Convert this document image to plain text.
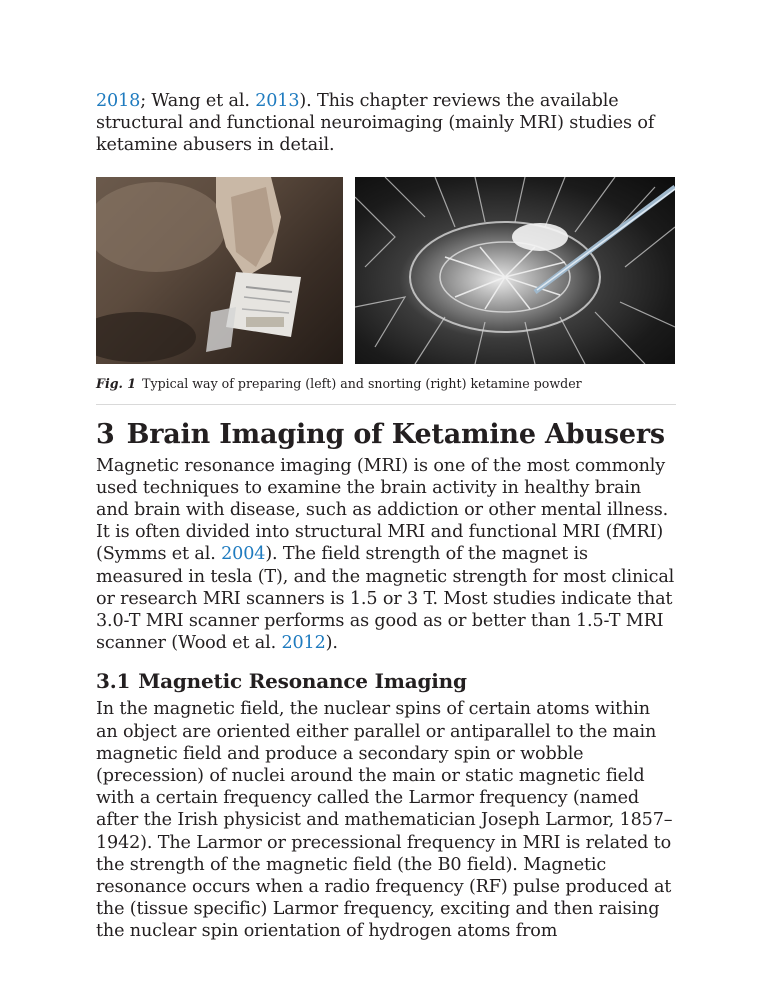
2018; Wang et al. 2013). This chapter reviews the available structural and functional neuroimaging (mainly MRI) studies of ketamine abusers in detail.

Fig. 1 Typical way of preparing (left) and snorting (right) ketamine powder
3 Brain Imaging of Ketamine Abusers

Magnetic resonance imaging (MRI) is one of the most commonly used techniques to examine the brain activity in healthy brain and brain with disease, such as addiction or other mental illness. It is often divided into structural MRI and functional MRI (fMRI) (Symms et al. 2004). The field strength of the magnet is measured in tesla (T), and the magnetic strength for most clinical or research MRI scanners is 1.5 or 3 T. Most studies indicate that 3.0-T MRI scanner performs as good as or better than 1.5-T MRI scanner (Wood et al. 2012).

3.1 Magnetic Resonance Imaging

In the magnetic field, the nuclear spins of certain atoms within an object are oriented either parallel or antiparallel to the main magnetic field and produce a secondary spin or wobble (precession) of nuclei around the main or static magnetic field with a certain frequency called the Larmor frequency (named after the Irish physicist and mathematician Joseph Larmor, 1857–1942). The Larmor or precessional frequency in MRI is related to the strength of the magnetic field (the B0 field). Magnetic resonance occurs when a radio frequency (RF) pulse produced at the (tissue specific) Larmor frequency, exciting and then raising the nuclear spin orientation of hydrogen atoms from
